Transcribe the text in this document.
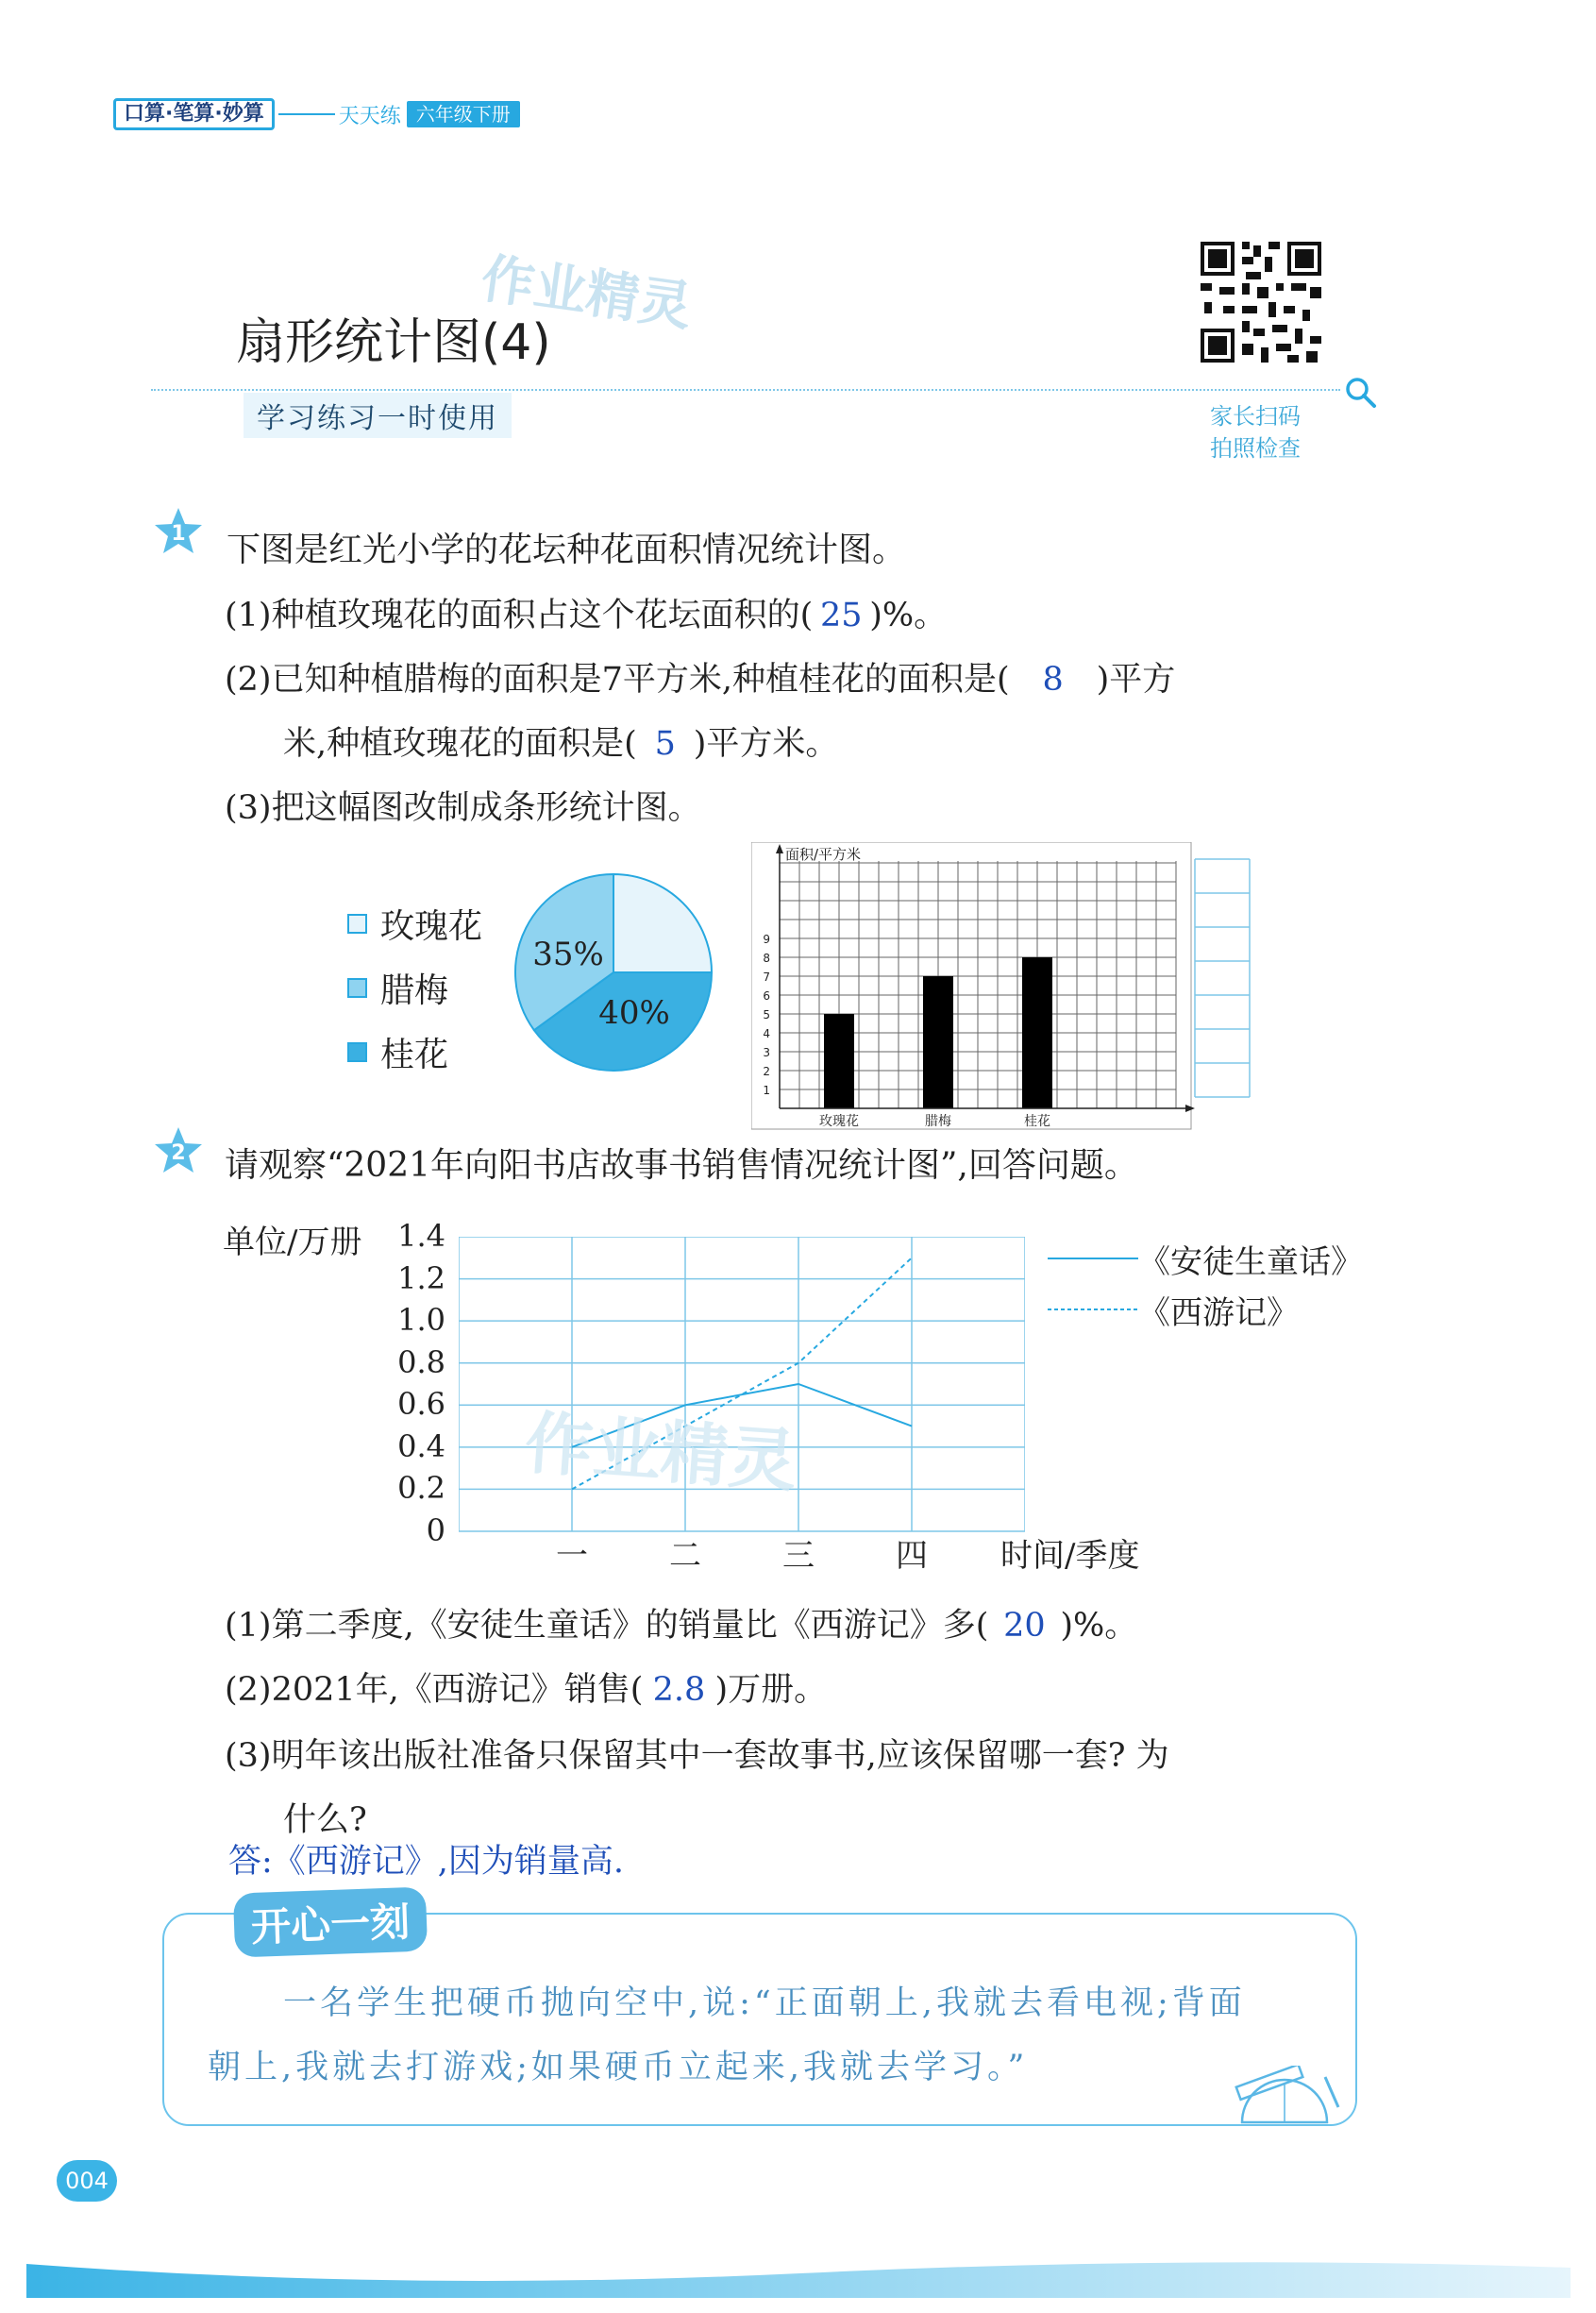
口算·笔算·妙算	天天练 六年级下册
扇形统计图(4)
作业精灵
学习练习一时使用	家长扫码
拍照检查
1 下图是红光小学的花坛种花面积情况统计图。
(1)种植玫瑰花的面积占这个花坛面积的( 25 )%。
(2)已知种植腊梅的面积是7平方米,种植桂花的面积是( 8 )平方
米,种植玫瑰花的面积是( 5 )平方米。
(3)把这幅图改制成条形统计图。
玫瑰花
腊梅
桂花
35%
40%
1
2
3
4
5
6
7
8
9
玫瑰花	腊梅	桂花
面积/平方米
2 请观察“2021年向阳书店故事书销售情况统计图”,回答问题。
单位/万册	1.4
1.2
1.0
0.8
0.6
0.4
0.2
0
作业精灵
一	二	三	四 时间/季度
《安徒生童话》
《西游记》
(1)第二季度,《安徒生童话》的销量比《西游记》多( 20 )%。
(2)2021年,《西游记》销售( 2.8 )万册。
(3)明年该出版社准备只保留其中一套故事书,应该保留哪一套? 为
什么?
答:《西游记》,因为销量高.
开心一刻
一名学生把硬币抛向空中,说:“正面朝上,我就去看电视;背面
朝上,我就去打游戏;如果硬币立起来,我就去学习。”
004
